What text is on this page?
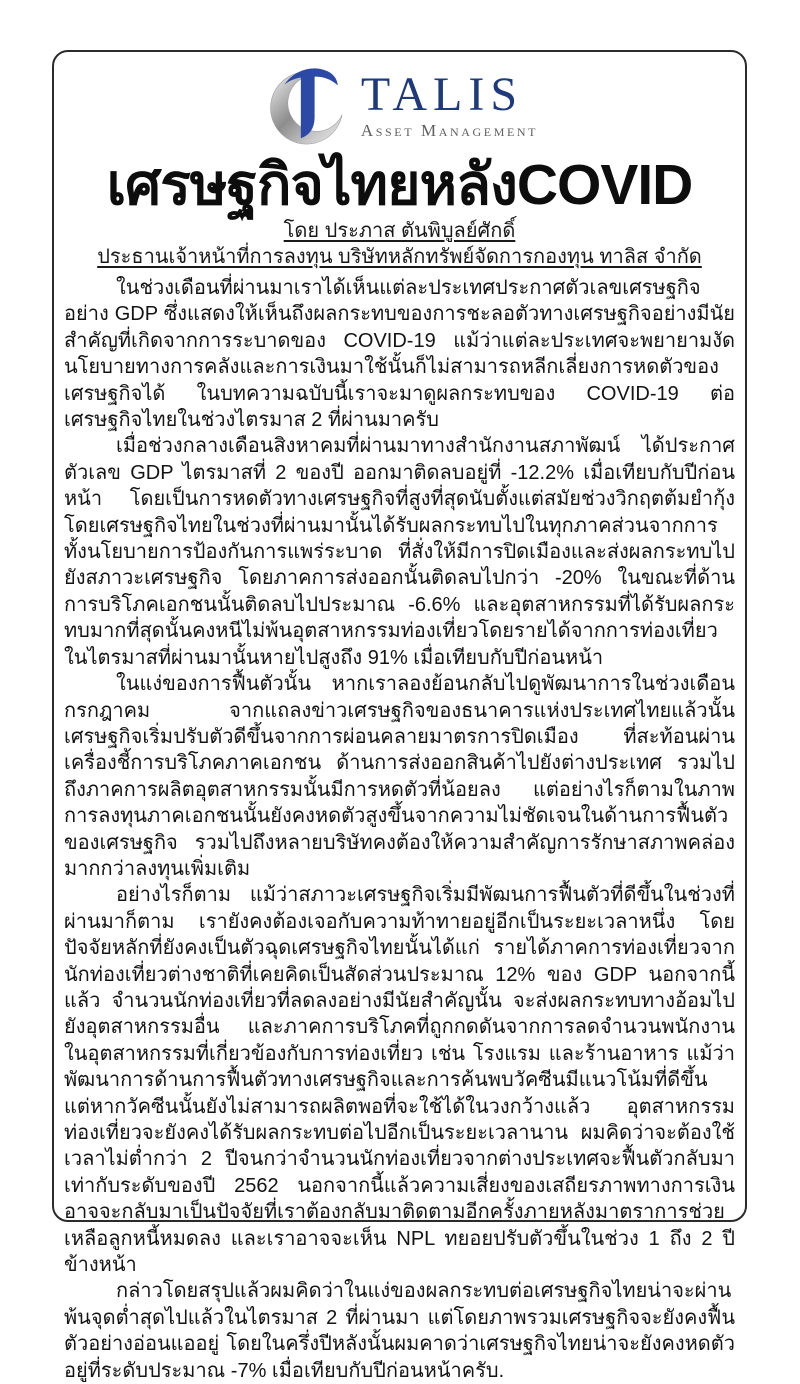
TALIS
Asset Management
เศรษฐกิจไทยหลังCOVID
โดย ประภาส ตันพิบูลย์ศักดิ์
ประธานเจ้าหน้าที่การลงทุน บริษัทหลักทรัพย์จัดการกองทุน ทาลิส จำกัด

ในช่วงเดือนที่ผ่านมาเราได้เห็นแต่ละประเทศประกาศตัวเลขเศรษฐกิจอย่าง GDP ซึ่งแสดงให้เห็นถึงผลกระทบของการชะลอตัวทางเศรษฐกิจอย่างมีนัยสำคัญที่เกิดจากการระบาดของ COVID-19 แม้ว่าแต่ละประเทศจะพยายามงัดนโยบายทางการคลังและการเงินมาใช้นั้นก็ไม่สามารถหลีกเลี่ยงการหดตัวของเศรษฐกิจได้ ในบทความฉบับนี้เราจะมาดูผลกระทบของ COVID-19 ต่อเศรษฐกิจไทยในช่วงไตรมาส 2 ที่ผ่านมาครับ

เมื่อช่วงกลางเดือนสิงหาคมที่ผ่านมาทางสำนักงานสภาพัฒน์ ได้ประกาศตัวเลข GDP ไตรมาสที่ 2 ของปี ออกมาติดลบอยู่ที่ -12.2% เมื่อเทียบกับปีก่อนหน้า โดยเป็นการหดตัวทางเศรษฐกิจที่สูงที่สุดนับตั้งแต่สมัยช่วงวิกฤตต้มยำกุ้ง โดยเศรษฐกิจไทยในช่วงที่ผ่านมานั้นได้รับผลกระทบไปในทุกภาคส่วนจากการทั้งนโยบายการป้องกันการแพร่ระบาด ที่สั่งให้มีการปิดเมืองและส่งผลกระทบไปยังสภาวะเศรษฐกิจ โดยภาคการส่งออกนั้นติดลบไปกว่า -20% ในขณะที่ด้านการบริโภคเอกชนนั้นติดลบไปประมาณ -6.6% และอุตสาหกรรมที่ได้รับผลกระทบมากที่สุดนั้นคงหนีไม่พ้นอุตสาหกรรมท่องเที่ยวโดยรายได้จากการท่องเที่ยวในไตรมาสที่ผ่านมานั้นหายไปสูงถึง 91% เมื่อเทียบกับปีก่อนหน้า

ในแง่ของการฟื้นตัวนั้น หากเราลองย้อนกลับไปดูพัฒนาการในช่วงเดือนกรกฎาคม จากแถลงข่าวเศรษฐกิจของธนาคารแห่งประเทศไทยแล้วนั้น เศรษฐกิจเริ่มปรับตัวดีขึ้นจากการผ่อนคลายมาตรการปิดเมือง ที่สะท้อนผ่านเครื่องชี้การบริโภคภาคเอกชน ด้านการส่งออกสินค้าไปยังต่างประเทศ รวมไปถึงภาคการผลิตอุตสาหกรรมนั้นมีการหดตัวที่น้อยลง แต่อย่างไรก็ตามในภาพการลงทุนภาคเอกชนนั้นยังคงหดตัวสูงขึ้นจากความไม่ชัดเจนในด้านการฟื้นตัวของเศรษฐกิจ รวมไปถึงหลายบริษัทคงต้องให้ความสำคัญการรักษาสภาพคล่องมากกว่าลงทุนเพิ่มเติม

อย่างไรก็ตาม แม้ว่าสภาวะเศรษฐกิจเริ่มมีพัฒนการฟื้นตัวที่ดีขึ้นในช่วงที่ผ่านมาก็ตาม เรายังคงต้องเจอกับความท้าทายอยู่อีกเป็นระยะเวลาหนึ่ง โดยปัจจัยหลักที่ยังคงเป็นตัวฉุดเศรษฐกิจไทยนั้นได้แก่ รายได้ภาคการท่องเที่ยวจากนักท่องเที่ยวต่างชาติที่เคยคิดเป็นสัดส่วนประมาณ 12% ของ GDP นอกจากนี้แล้ว จำนวนนักท่องเที่ยวที่ลดลงอย่างมีนัยสำคัญนั้น จะส่งผลกระทบทางอ้อมไปยังอุตสาหกรรมอื่น และภาคการบริโภคที่ถูกกดดันจากการลดจำนวนพนักงานในอุตสาหกรรมที่เกี่ยวข้องกับการท่องเที่ยว เช่น โรงแรม และร้านอาหาร แม้ว่าพัฒนาการด้านการฟื้นตัวทางเศรษฐกิจและการค้นพบวัคซีนมีแนวโน้มที่ดีขึ้น แต่หากวัคซีนนั้นยังไม่สามารถผลิตพอที่จะใช้ได้ในวงกว้างแล้ว อุตสาหกรรมท่องเที่ยวจะยังคงได้รับผลกระทบต่อไปอีกเป็นระยะเวลานาน ผมคิดว่าจะต้องใช้เวลาไม่ต่ำกว่า 2 ปีจนกว่าจำนวนนักท่องเที่ยวจากต่างประเทศจะฟื้นตัวกลับมาเท่ากับระดับของปี 2562 นอกจากนี้แล้วความเสี่ยงของเสถียรภาพทางการเงินอาจจะกลับมาเป็นปัจจัยที่เราต้องกลับมาติดตามอีกครั้งภายหลังมาตราการช่วยเหลือลูกหนี้หมดลง และเราอาจจะเห็น NPL ทยอยปรับตัวขึ้นในช่วง 1 ถึง 2 ปีข้างหน้า

กล่าวโดยสรุปแล้วผมคิดว่าในแง่ของผลกระทบต่อเศรษฐกิจไทยน่าจะผ่านพ้นจุดต่ำสุดไปแล้วในไตรมาส 2 ที่ผ่านมา แต่โดยภาพรวมเศรษฐกิจจะยังคงฟื้นตัวอย่างอ่อนแออยู่ โดยในครึ่งปีหลังนั้นผมคาดว่าเศรษฐกิจไทยน่าจะยังคงหดตัวอยู่ที่ระดับประมาณ -7% เมื่อเทียบกับปีก่อนหน้าครับ.
